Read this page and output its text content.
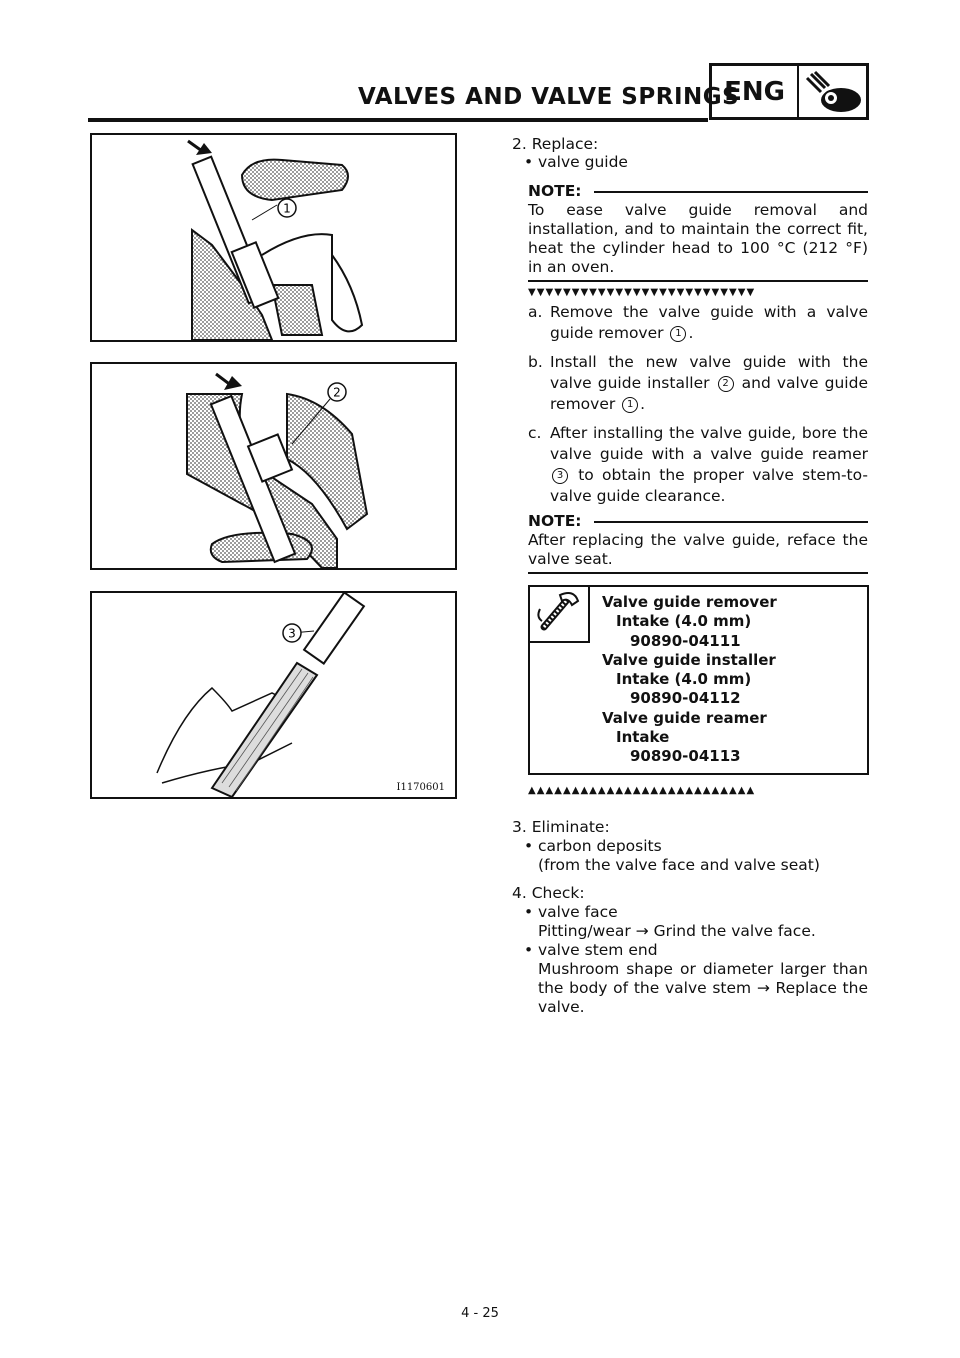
VALVES AND VALVE SPRINGS
ENG
1
2
3
I1170601
2. Replace:
• valve guide
NOTE:
To ease valve guide removal and installation, and to maintain the correct fit, heat the cylinder head to 100 °C (212 °F) in an oven.
▼▼▼▼▼▼▼▼▼▼▼▼▼▼▼▼▼▼▼▼▼▼▼▼▼▼
a. Remove the valve guide with a valve guide remover 1 .
b. Install the new valve guide with the valve guide installer 2 and valve guide remover 1 .
c. After installing the valve guide, bore the valve guide with a valve guide reamer 3 to obtain the proper valve stem-to-valve guide clearance.
NOTE:
After replacing the valve guide, reface the valve seat.
Valve guide remover
Intake (4.0 mm)
90890-04111
Valve guide installer
Intake (4.0 mm)
90890-04112
Valve guide reamer
Intake
90890-04113
▲▲▲▲▲▲▲▲▲▲▲▲▲▲▲▲▲▲▲▲▲▲▲▲▲▲
3. Eliminate:
• carbon deposits
(from the valve face and valve seat)
4. Check:
• valve face
Pitting/wear → Grind the valve face.
• valve stem end
Mushroom shape or diameter larger than the body of the valve stem → Replace the valve.
4 - 25
